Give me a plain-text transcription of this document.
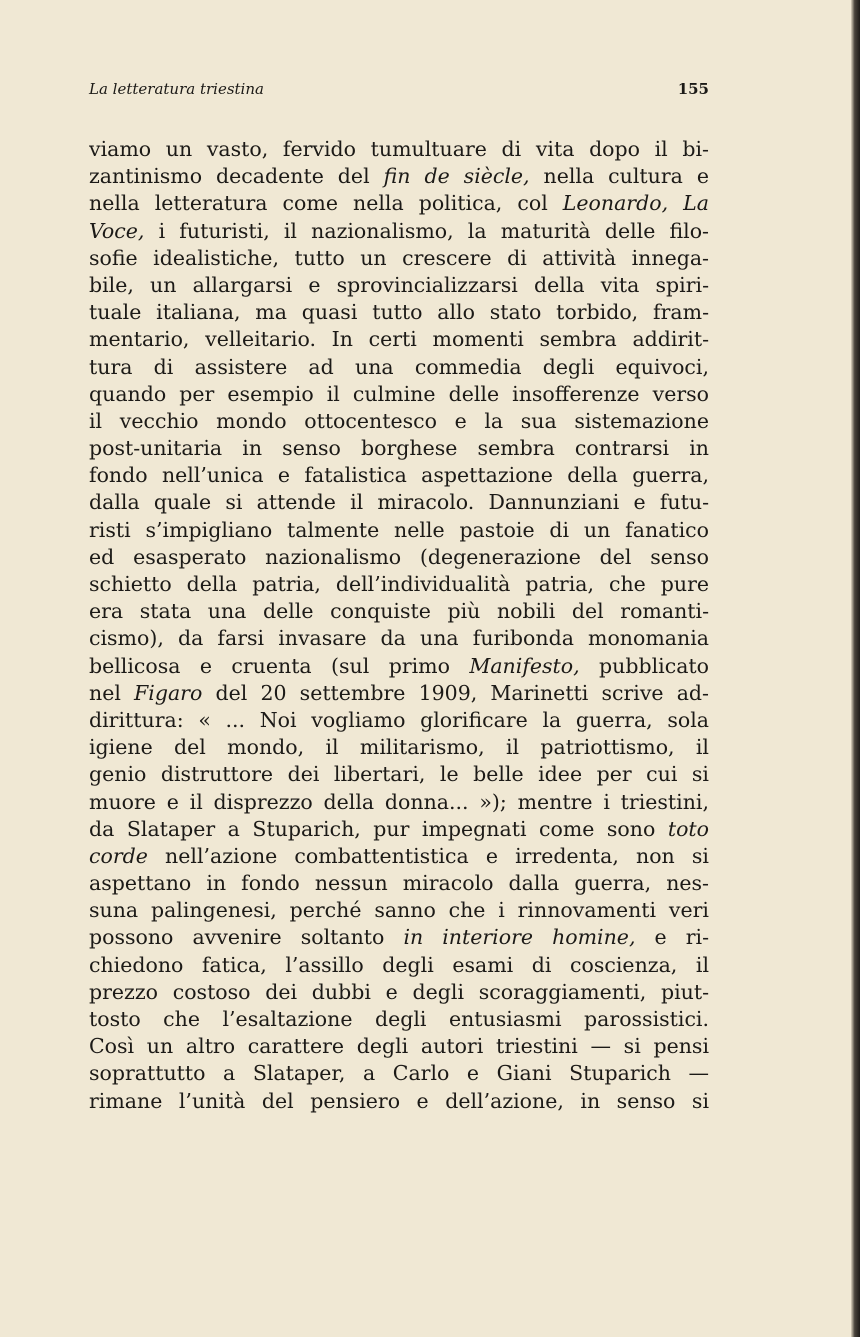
La letteratura triestina	155
viamo un vasto, fervido tumultuare di vita dopo il bi-
zantinismo decadente del fin de siècle, nella cultura e
nella letteratura come nella politica, col Leonardo, La
Voce, i futuristi, il nazionalismo, la maturità delle filo-
sofie idealistiche, tutto un crescere di attività innega-
bile, un allargarsi e sprovincializzarsi della vita spiri-
tuale italiana, ma quasi tutto allo stato torbido, fram-
mentario, velleitario. In certi momenti sembra addirit-
tura di assistere ad una commedia degli equivoci,
quando per esempio il culmine delle insofferenze verso
il vecchio mondo ottocentesco e la sua sistemazione
post-unitaria in senso borghese sembra contrarsi in
fondo nell’unica e fatalistica aspettazione della guerra,
dalla quale si attende il miracolo. Dannunziani e futu-
risti s’impigliano talmente nelle pastoie di un fanatico
ed esasperato nazionalismo (degenerazione del senso
schietto della patria, dell’individualità patria, che pure
era stata una delle conquiste più nobili del romanti-
cismo), da farsi invasare da una furibonda monomania
bellicosa e cruenta (sul primo Manifesto, pubblicato
nel Figaro del 20 settembre 1909, Marinetti scrive ad-
dirittura: « ... Noi vogliamo glorificare la guerra, sola
igiene del mondo, il militarismo, il patriottismo, il
genio distruttore dei libertari, le belle idee per cui si
muore e il disprezzo della donna... »); mentre i triestini,
da Slataper a Stuparich, pur impegnati come sono toto
corde nell’azione combattentistica e irredenta, non si
aspettano in fondo nessun miracolo dalla guerra, nes-
suna palingenesi, perché sanno che i rinnovamenti veri
possono avvenire soltanto in interiore homine, e ri-
chiedono fatica, l’assillo degli esami di coscienza, il
prezzo costoso dei dubbi e degli scoraggiamenti, piut-
tosto che l’esaltazione degli entusiasmi parossistici.
Così un altro carattere degli autori triestini — si pensi
soprattutto a Slataper, a Carlo e Giani Stuparich —
rimane l’unità del pensiero e dell’azione, in senso si
